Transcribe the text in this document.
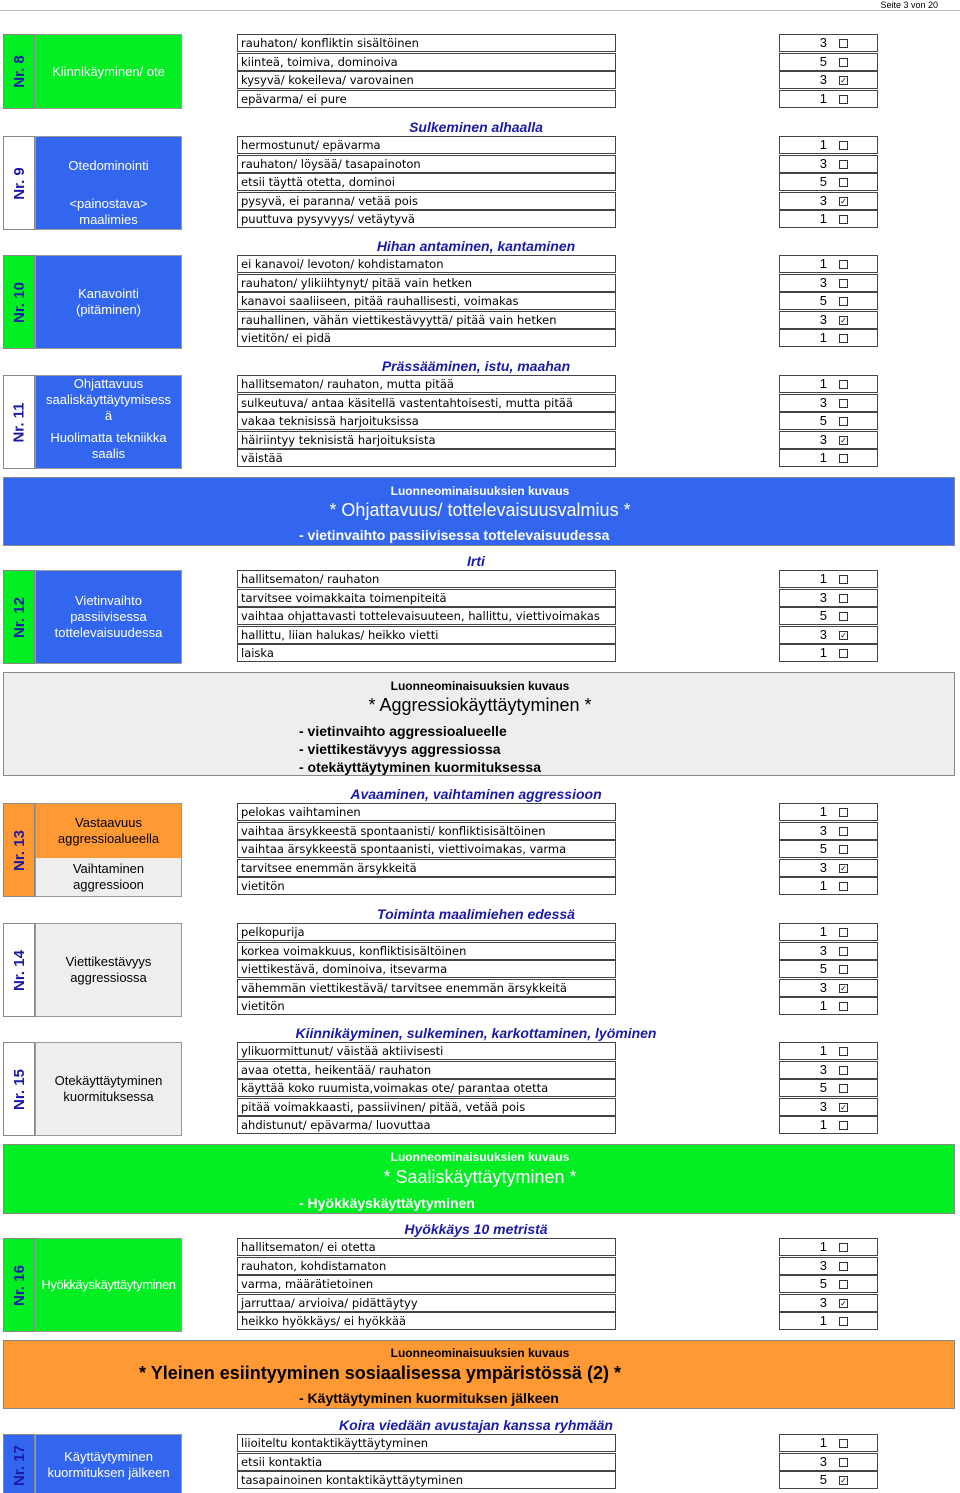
Seite 3 von 20
Nr. 8	Kiinnikäyminen/ ote
rauhaton/ konfliktin sisältöinen	3
kiinteä, toimiva, dominoiva	5
kysyvä/ kokeileva/ varovainen	3 ✓
epävarma/ ei pure	1
Nr. 9
Otedominointi
<painostava>
maalimies
Sulkeminen alhaalla
hermostunut/ epävarma	1
rauhaton/ löysää/ tasapainoton	3
etsii täyttä otetta, dominoi	5
pysyvä, ei paranna/ vetää pois	3 ✓
puuttuva pysyvyys/ vetäytyvä	1
Nr. 10	Kanavointi
(pitäminen)
Hihan antaminen, kantaminen
ei kanavoi/ levoton/ kohdistamaton	1
rauhaton/ ylikiihtynyt/ pitää vain hetken	3
kanavoi saaliiseen, pitää rauhallisesti, voimakas	5
rauhallinen, vähän viettikestävyyttä/ pitää vain hetken	3 ✓
vietitön/ ei pidä	1
Nr. 11
Ohjattavuus
saaliskäyttäytymisess
ä
Huolimatta tekniikka
saalis
Prässääminen, istu, maahan
hallitsematon/ rauhaton, mutta pitää	1
sulkeutuva/ antaa käsitellä vastentahtoisesti, mutta pitää	3
vakaa teknisissä harjoituksissa	5
häiriintyy teknisistä harjoituksista	3 ✓
väistää	1
Nr. 12	Vietinvaihto
passiivisessa
tottelevaisuudessa
Irti
hallitsematon/ rauhaton	1
tarvitsee voimakkaita toimenpiteitä	3
vaihtaa ohjattavasti tottelevaisuuteen, hallittu, viettivoimakas	5
hallittu, liian halukas/ heikko vietti	3 ✓
laiska	1
Nr. 13
Vastaavuus
aggressioalueella
Vaihtaminen
aggressioon
Avaaminen, vaihtaminen aggressioon
pelokas vaihtaminen	1
vaihtaa ärsykkeestä spontaanisti/ konfliktisisältöinen	3
vaihtaa ärsykkeestä spontaanisti, viettivoimakas, varma	5
tarvitsee enemmän ärsykkeitä	3 ✓
vietitön	1
Nr. 14	Viettikestävyys
aggressiossa
Toiminta maalimiehen edessä
pelkopurija	1
korkea voimakkuus, konfliktisisältöinen	3
viettikestävä, dominoiva, itsevarma	5
vähemmän viettikestävä/ tarvitsee enemmän ärsykkeitä	3 ✓
vietitön	1
Nr. 15	Otekäyttäytyminen
kuormituksessa
Kiinnikäyminen, sulkeminen, karkottaminen, lyöminen
ylikuormittunut/ väistää aktiivisesti	1
avaa otetta, heikentää/ rauhaton	3
käyttää koko ruumista,voimakas ote/ parantaa otetta	5
pitää voimakkaasti, passiivinen/ pitää, vetää pois	3 ✓
ahdistunut/ epävarma/ luovuttaa	1
Nr. 16	Hyökkäyskäyttäytyminen
Hyökkäys 10 metristä
hallitsematon/ ei otetta	1
rauhaton, kohdistamaton	3
varma, määrätietoinen	5
jarruttaa/ arvioiva/ pidättäytyy	3 ✓
heikko hyökkäys/ ei hyökkää	1
Nr. 17	Käyttäytyminen
kuormituksen jälkeen
Koira viedään avustajan kanssa ryhmään
liioiteltu kontaktikäyttäytyminen	1
etsii kontaktia	3
tasapainoinen kontaktikäyttäytyminen	5 ✓
Luonneominaisuuksien kuvaus
* Ohjattavuus/ tottelevaisuusvalmius *
- vietinvaihto passiivisessa tottelevaisuudessa
Luonneominaisuuksien kuvaus
* Aggressiokäyttäytyminen *
- vietinvaihto aggressioalueelle
- viettikestävyys aggressiossa
- otekäyttäytyminen kuormituksessa
Luonneominaisuuksien kuvaus
* Saaliskäyttäytyminen *
- Hyökkäyskäyttäytyminen
Luonneominaisuuksien kuvaus
* Yleinen esiintyyminen sosiaalisessa ympäristössä (2) *
- Käyttäytyminen kuormituksen jälkeen
